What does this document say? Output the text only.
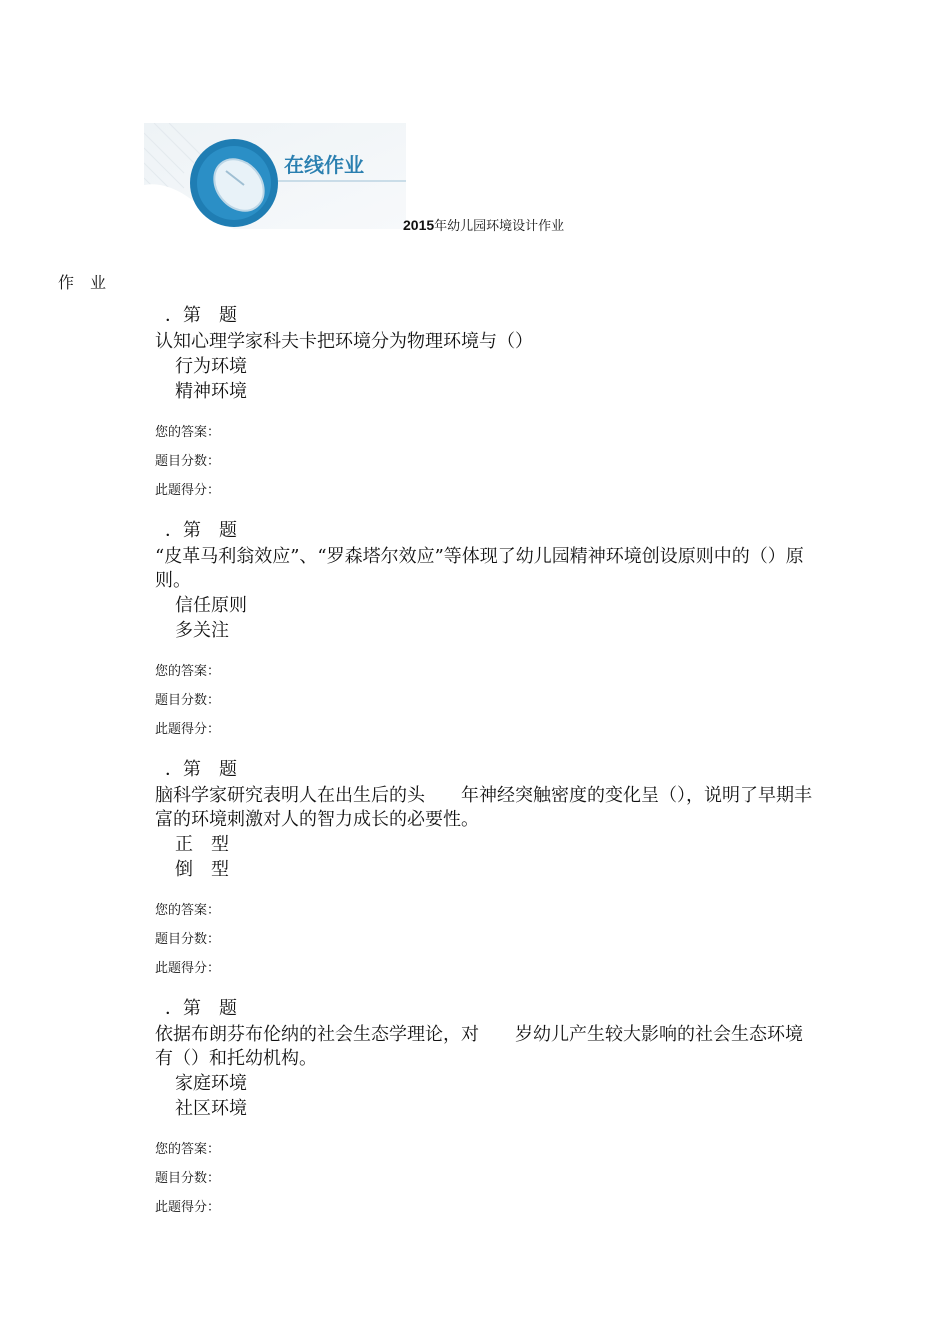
在线作业
2015年幼儿园环境设计作业
作业
．第　题
认知心理学家科夫卡把环境分为物理环境与（）
行为环境
精神环境
您的答案：
题目分数：
此题得分：
．第　题
“皮革马利翁效应”、“罗森塔尔效应”等体现了幼儿园精神环境创设原则中的（）原则。
信任原则
多关注
您的答案：
题目分数：
此题得分：
．第　题
脑科学家研究表明人在出生后的头　　年神经突触密度的变化呈（），说明了早期丰富的环境刺激对人的智力成长的必要性。
正　型
倒　型
您的答案：
题目分数：
此题得分：
．第　题
依据布朗芬布伦纳的社会生态学理论，对　　岁幼儿产生较大影响的社会生态环境有（）和托幼机构。
家庭环境
社区环境
您的答案：
题目分数：
此题得分：
